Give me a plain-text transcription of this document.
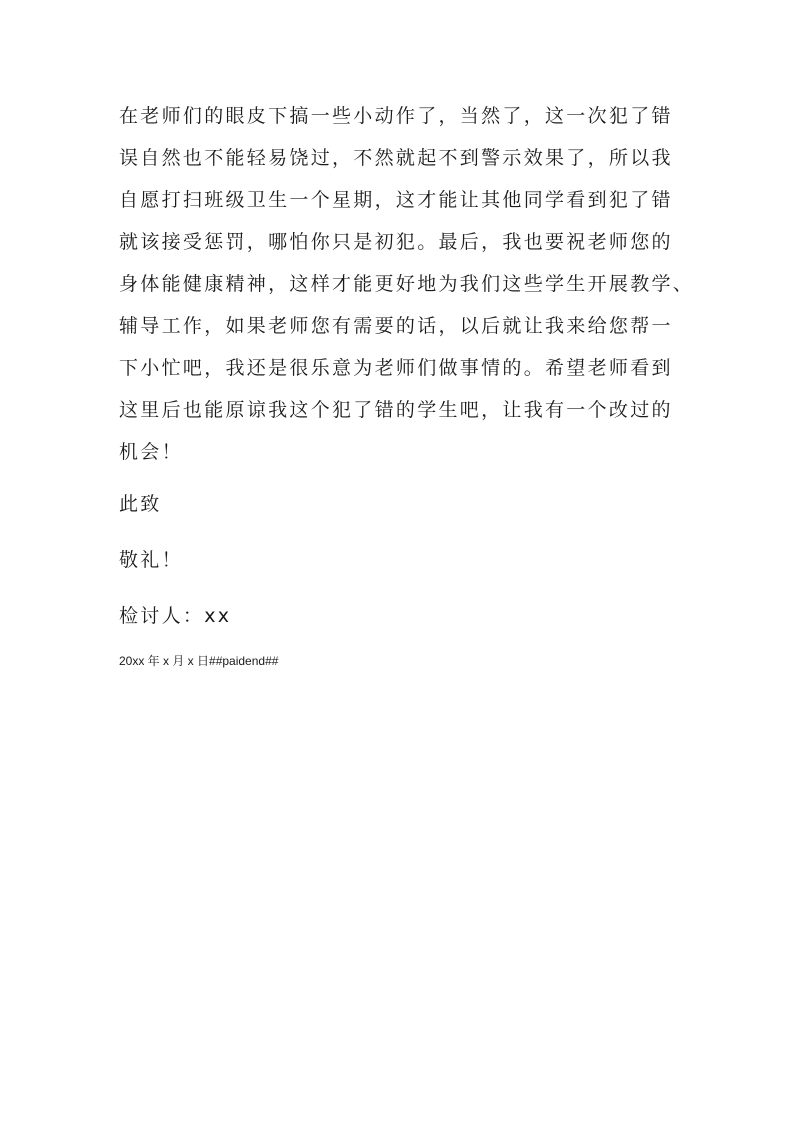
在老师们的眼皮下搞一些小动作了，当然了，这一次犯了错
误自然也不能轻易饶过，不然就起不到警示效果了，所以我
自愿打扫班级卫生一个星期，这才能让其他同学看到犯了错
就该接受惩罚，哪怕你只是初犯。最后，我也要祝老师您的
身体能健康精神，这样才能更好地为我们这些学生开展教学、
辅导工作，如果老师您有需要的话，以后就让我来给您帮一
下小忙吧，我还是很乐意为老师们做事情的。希望老师看到
这里后也能原谅我这个犯了错的学生吧，让我有一个改过的
机会！
此致
敬礼！
检讨人：xx
20xx 年 x 月 x 日##paidend##
